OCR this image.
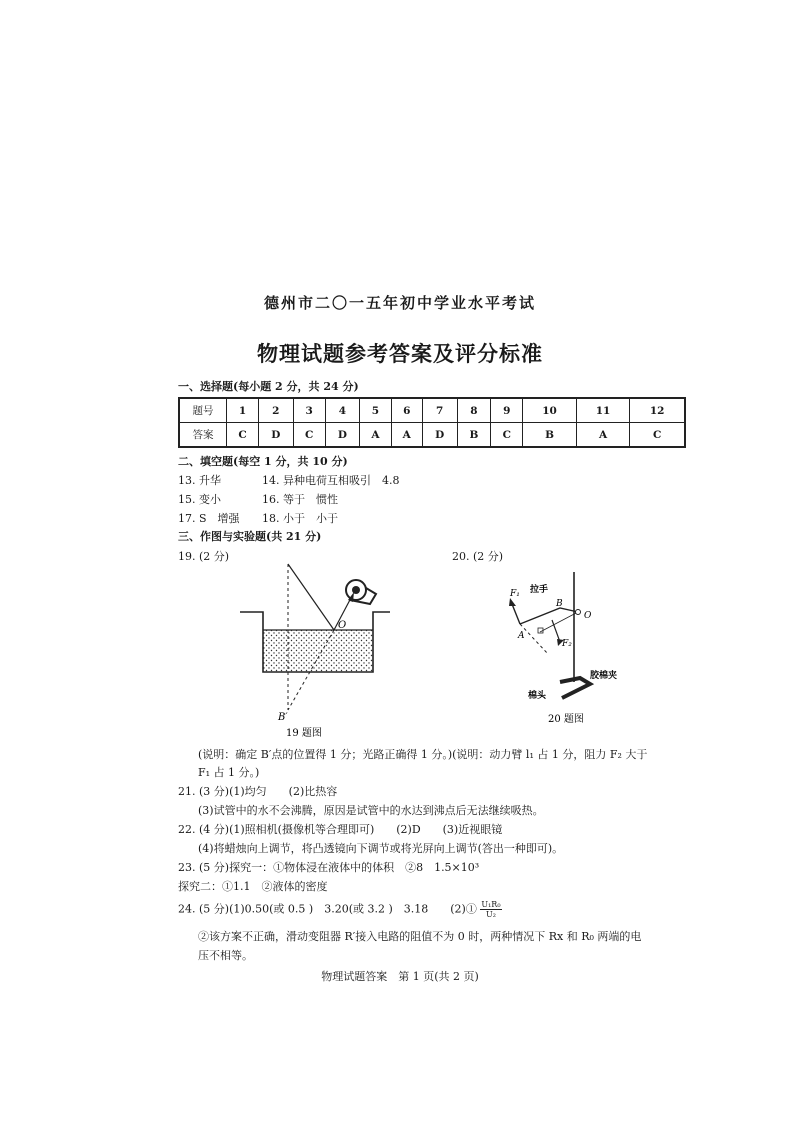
德州市二〇一五年初中学业水平考试
物理试题参考答案及评分标准
一、选择题(每小题 2 分，共 24 分)
题号	1	2	3	4	5	6	7	8	9	10	11	12
答案	C	D	C	D	A	A	D	B	C	B	A	C
二、填空题(每空 1 分，共 10 分)
13. 升华	14. 异种电荷互相吸引　4.8
15. 变小	16. 等于　惯性
17. S　增强 18. 小于　小于
三、作图与实验题(共 21 分)
19. (2 分)	20. (2 分)
O
B′
19 题图
F₁
A
B
O
F₂
拉手
胶棉夹
棉头
20 题图
(说明：确定 B′点的位置得 1 分；光路正确得 1 分。)(说明：动力臂 l₁ 占 1 分，阻力 F₂ 大于
F₁ 占 1 分。)
21. (3 分)(1)均匀　　(2)比热容
(3)试管中的水不会沸腾，原因是试管中的水达到沸点后无法继续吸热。
22. (4 分)(1)照相机(摄像机等合理即可)　　(2)D　　(3)近视眼镜
(4)将蜡烛向上调节，将凸透镜向下调节或将光屏向上调节(答出一种即可)。
23. (5 分)探究一：①物体浸在液体中的体积　②8　1.5×10³
探究二：①1.1　②液体的密度
24. (5 分)(1)0.50(或 0.5 )　3.20(或 3.2 )　3.18　　(2)① $\frac{\text{U₁R₀}}{\text{U₂}}$
②该方案不正确，滑动变阻器 R′接入电路的阻值不为 0 时，两种情况下 Rx 和 R₀ 两端的电
压不相等。
物理试题答案　第 1 页(共 2 页)
